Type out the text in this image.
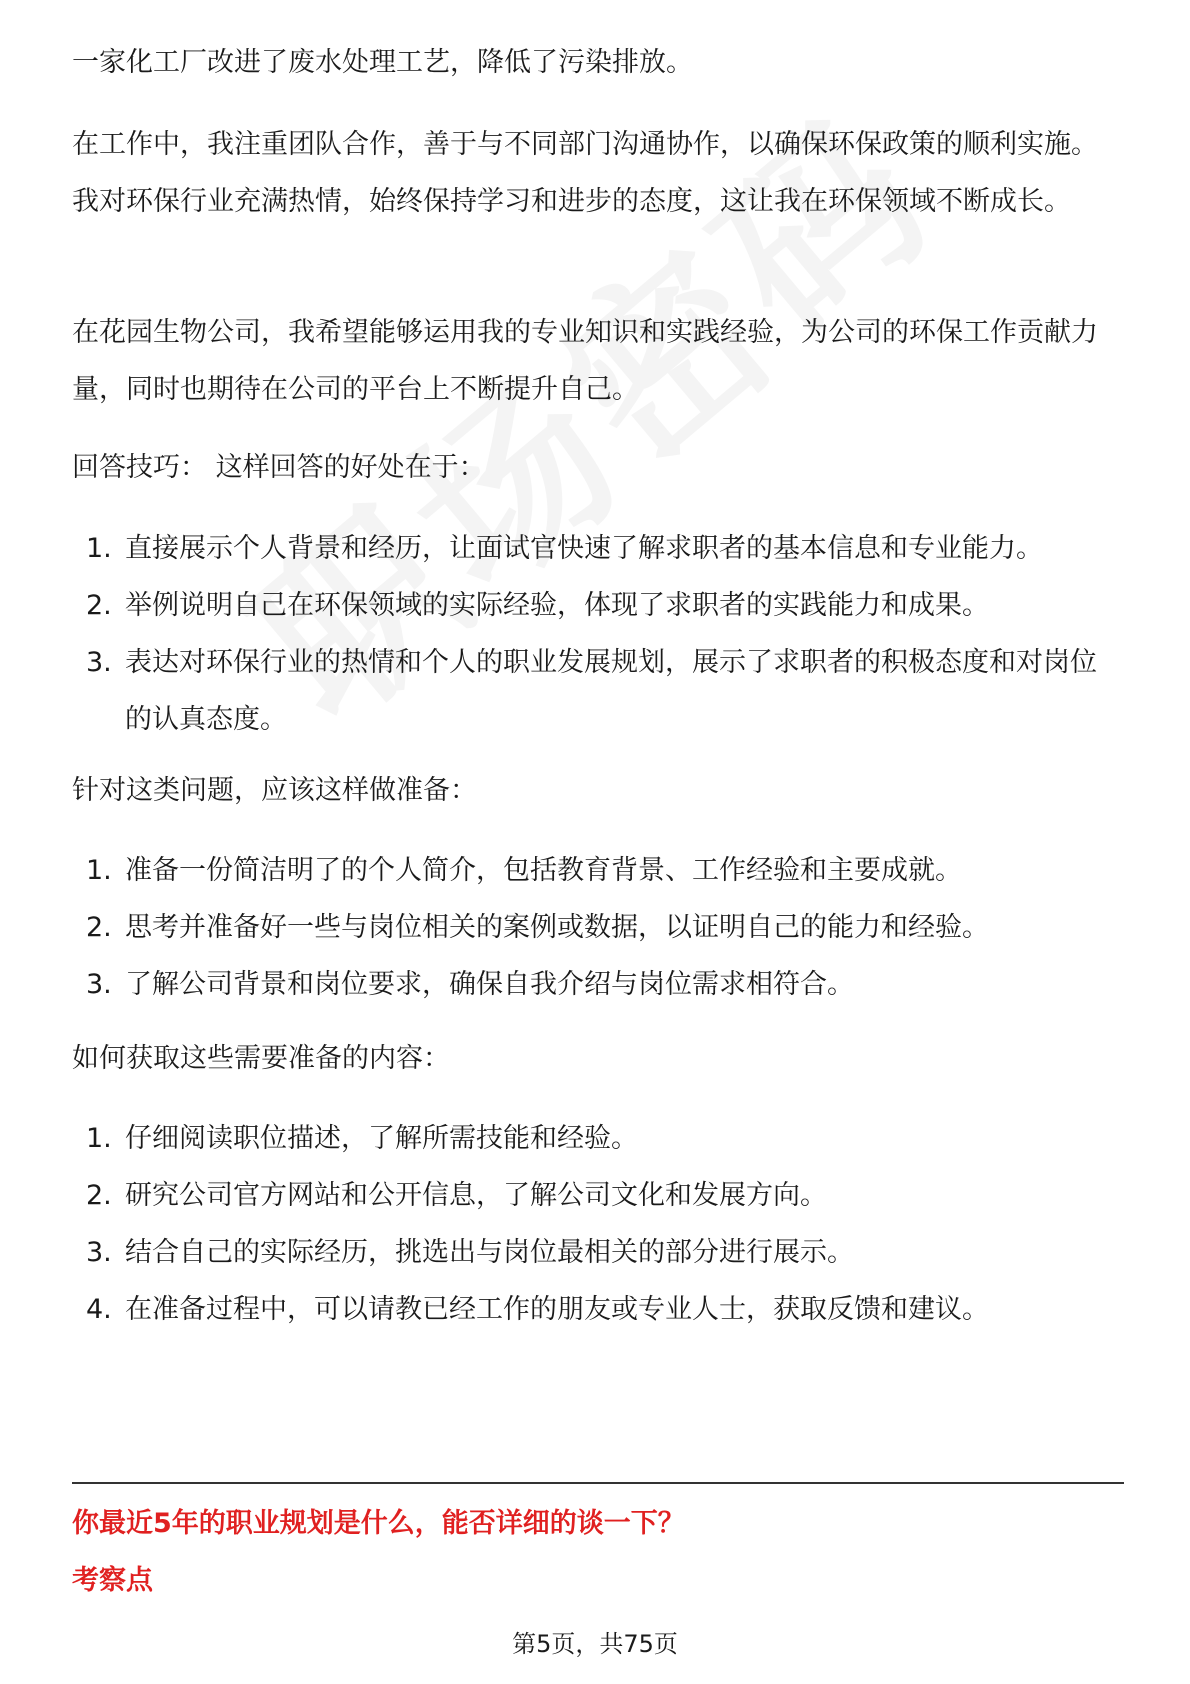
一家化工厂改进了废水处理工艺，降低了污染排放。

在工作中，我注重团队合作，善于与不同部门沟通协作，以确保环保政策的顺利实施。我对环保行业充满热情，始终保持学习和进步的态度，这让我在环保领域不断成长。

在花园生物公司，我希望能够运用我的专业知识和实践经验，为公司的环保工作贡献力量，同时也期待在公司的平台上不断提升自己。

回答技巧： 这样回答的好处在于：

1. 直接展示个人背景和经历，让面试官快速了解求职者的基本信息和专业能力。
2. 举例说明自己在环保领域的实际经验，体现了求职者的实践能力和成果。
3. 表达对环保行业的热情和个人的职业发展规划，展示了求职者的积极态度和对岗位的认真态度。

针对这类问题，应该这样做准备：

1. 准备一份简洁明了的个人简介，包括教育背景、工作经验和主要成就。
2. 思考并准备好一些与岗位相关的案例或数据，以证明自己的能力和经验。
3. 了解公司背景和岗位要求，确保自我介绍与岗位需求相符合。

如何获取这些需要准备的内容：

1. 仔细阅读职位描述，了解所需技能和经验。
2. 研究公司官方网站和公开信息，了解公司文化和发展方向。
3. 结合自己的实际经历，挑选出与岗位最相关的部分进行展示。
4. 在准备过程中，可以请教已经工作的朋友或专业人士，获取反馈和建议。
你最近5年的职业规划是什么，能否详细的谈一下？
考察点
第5页，共75页
